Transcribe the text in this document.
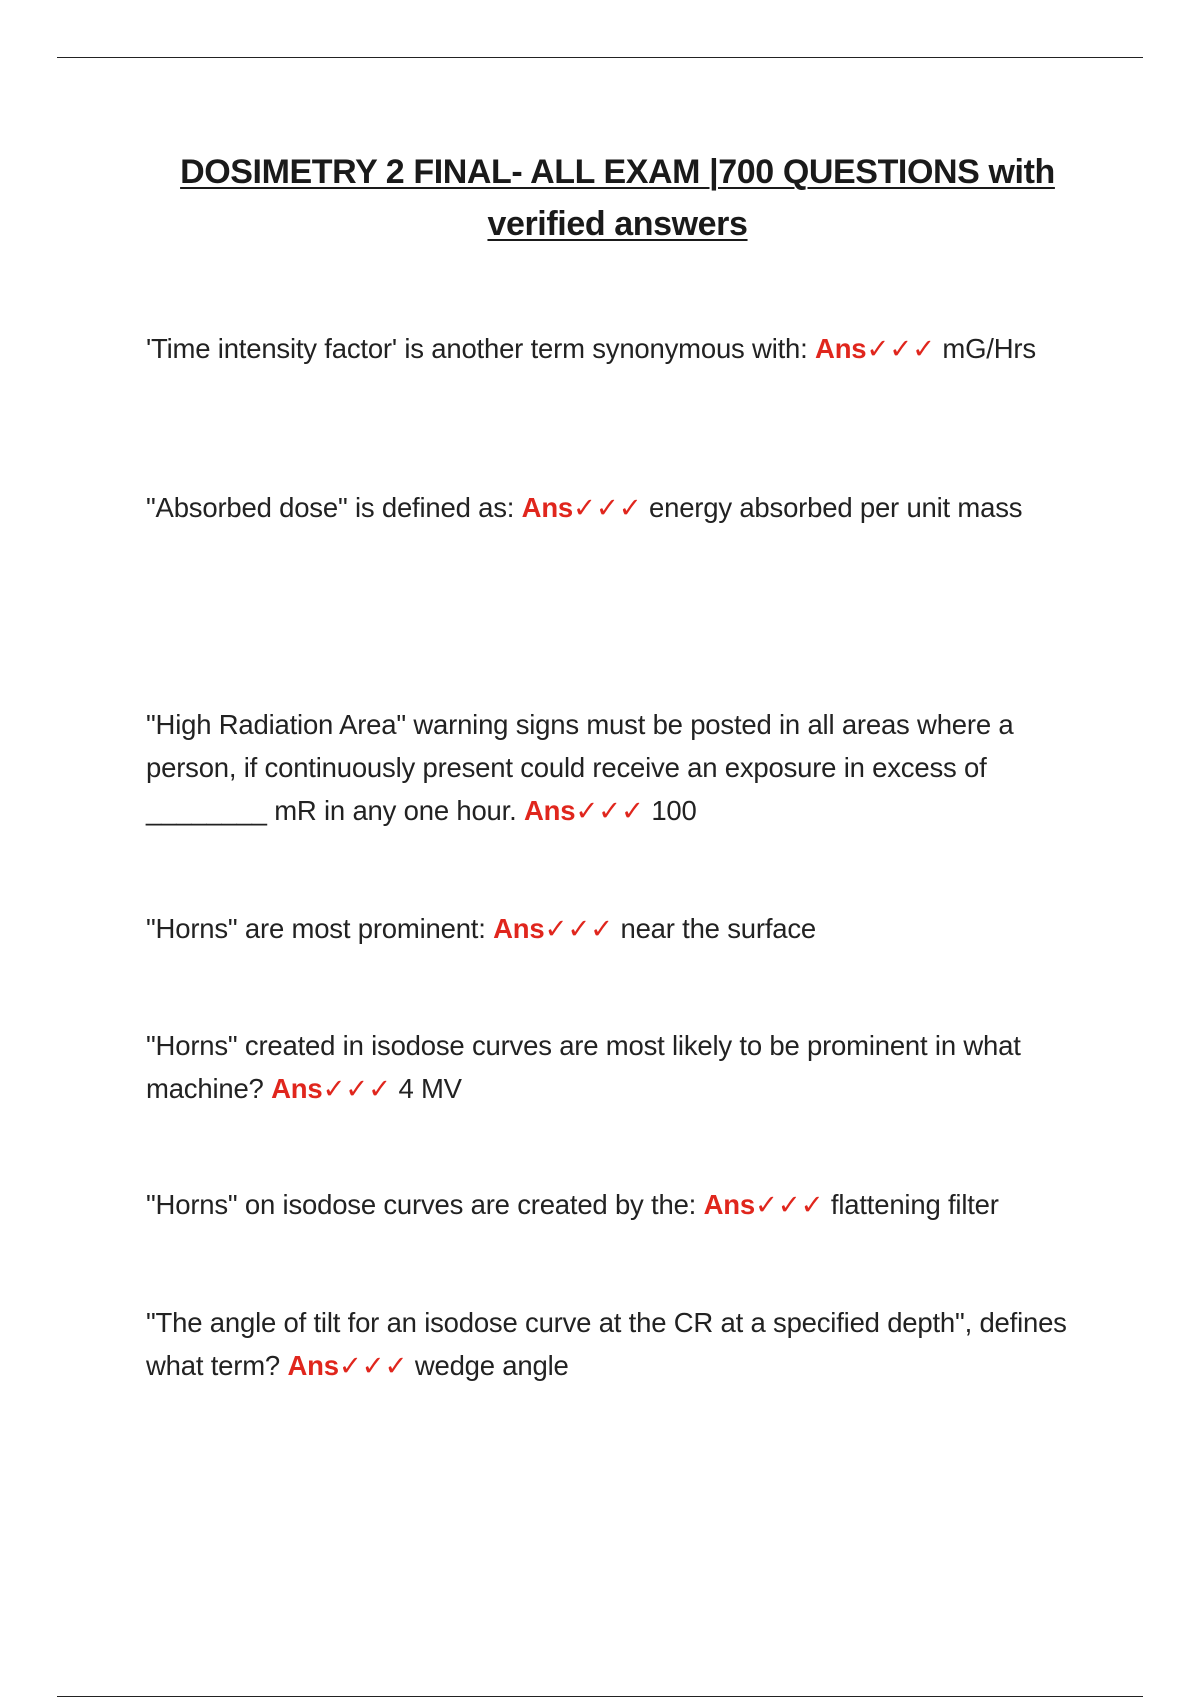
DOSIMETRY 2 FINAL- ALL EXAM |700 QUESTIONS with verified answers
'Time intensity factor' is another term synonymous with: Ans✓✓✓ mG/Hrs
"Absorbed dose" is defined as: Ans✓✓✓ energy absorbed per unit mass
"High Radiation Area" warning signs must be posted in all areas where a person, if continuously present could receive an exposure in excess of ________ mR in any one hour. Ans✓✓✓ 100
"Horns" are most prominent: Ans✓✓✓ near the surface
"Horns" created in isodose curves are most likely to be prominent in what machine? Ans✓✓✓ 4 MV
"Horns" on isodose curves are created by the: Ans✓✓✓ flattening filter
"The angle of tilt for an isodose curve at the CR at a specified depth", defines what term? Ans✓✓✓ wedge angle
